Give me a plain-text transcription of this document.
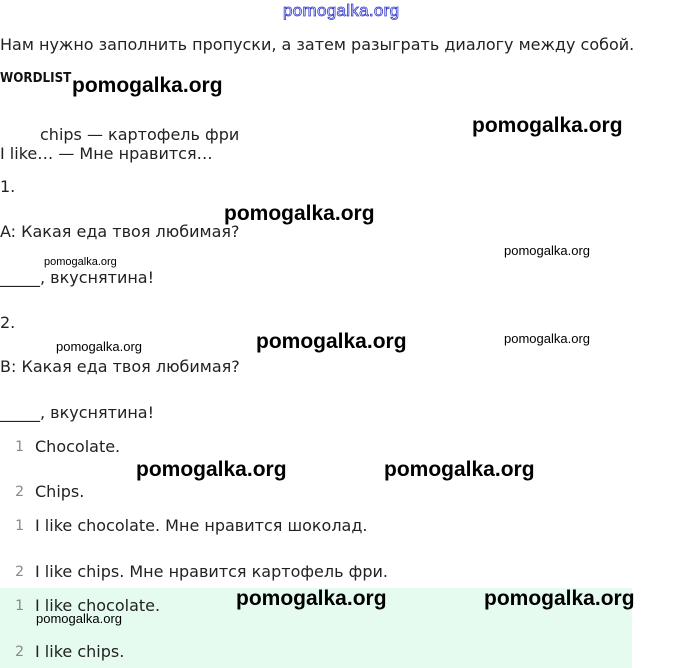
pomogalka.org
Нам нужно заполнить пропуски, а затем разыграть диалогу между собой.
WORDLIST
chips — картофель фри
I like… — Мне нравится…
1.
A: Какая еда твоя любимая?
_____, вкуснятина!
2.
B: Какая еда твоя любимая?
_____, вкуснятина!
1 Chocolate.
2 Chips.
1 I like chocolate. Мне нравится шоколад.
2 I like chips. Мне нравится картофель фри.
1 I like chocolate.
2 I like chips.
pomogalka.org
pomogalka.org
pomogalka.org
pomogalka.org
pomogalka.org
pomogalka.org	pomogalka.org
pomogalka.org
pomogalka.org	pomogalka.org
pomogalka.org	pomogalka.org
pomogalka.org
